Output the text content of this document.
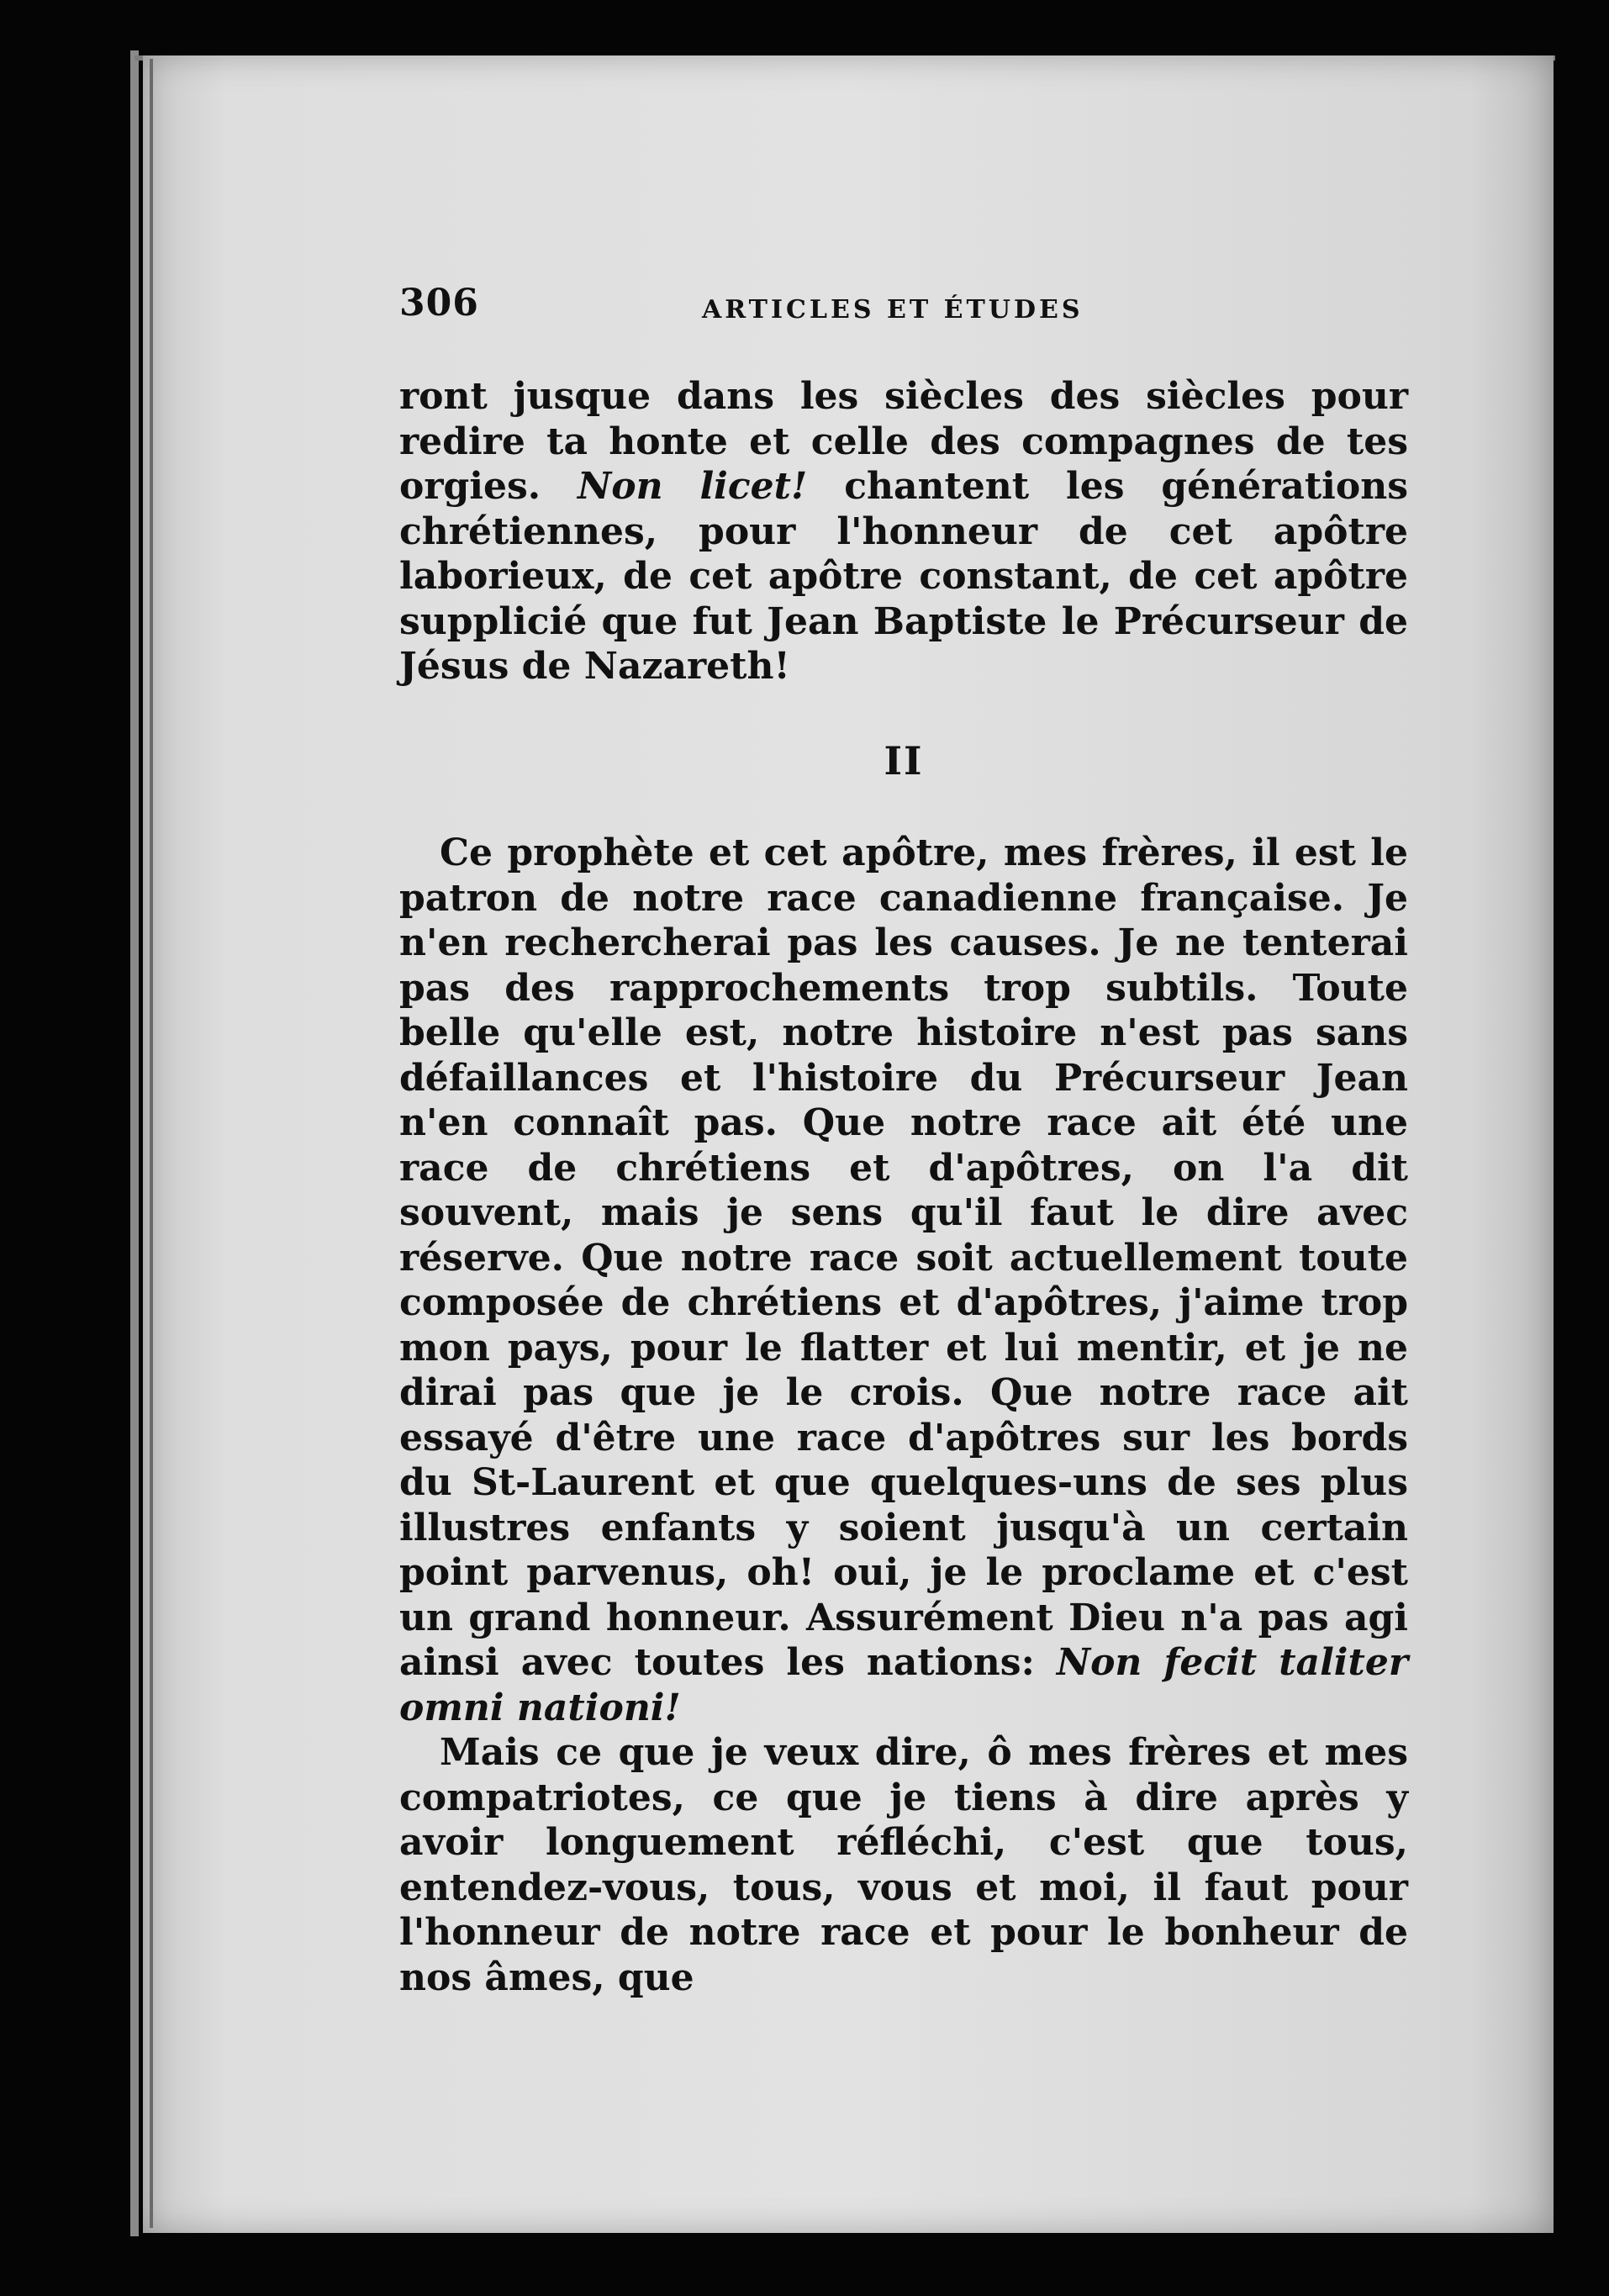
306	ARTICLES ET ÉTUDES

ront jusque dans les siècles des siècles pour redire ta honte et celle des compagnes de tes orgies. Non licet! chantent les générations chrétiennes, pour l'honneur de cet apôtre laborieux, de cet apôtre constant, de cet apôtre supplicié que fut Jean Baptiste le Précurseur de Jésus de Nazareth!

II

Ce prophète et cet apôtre, mes frères, il est le patron de notre race canadienne française. Je n'en rechercherai pas les causes. Je ne tenterai pas des rapprochements trop subtils. Toute belle qu'elle est, notre histoire n'est pas sans défaillances et l'histoire du Précurseur Jean n'en connaît pas. Que notre race ait été une race de chrétiens et d'apôtres, on l'a dit souvent, mais je sens qu'il faut le dire avec réserve. Que notre race soit actuellement toute composée de chrétiens et d'apôtres, j'aime trop mon pays, pour le flatter et lui mentir, et je ne dirai pas que je le crois. Que notre race ait essayé d'être une race d'apôtres sur les bords du St-Laurent et que quelques-uns de ses plus illustres enfants y soient jusqu'à un certain point parvenus, oh! oui, je le proclame et c'est un grand honneur. Assurément Dieu n'a pas agi ainsi avec toutes les nations: Non fecit taliter omni nationi!

Mais ce que je veux dire, ô mes frères et mes compatriotes, ce que je tiens à dire après y avoir longuement réfléchi, c'est que tous, entendez-vous, tous, vous et moi, il faut pour l'honneur de notre race et pour le bonheur de nos âmes, que
